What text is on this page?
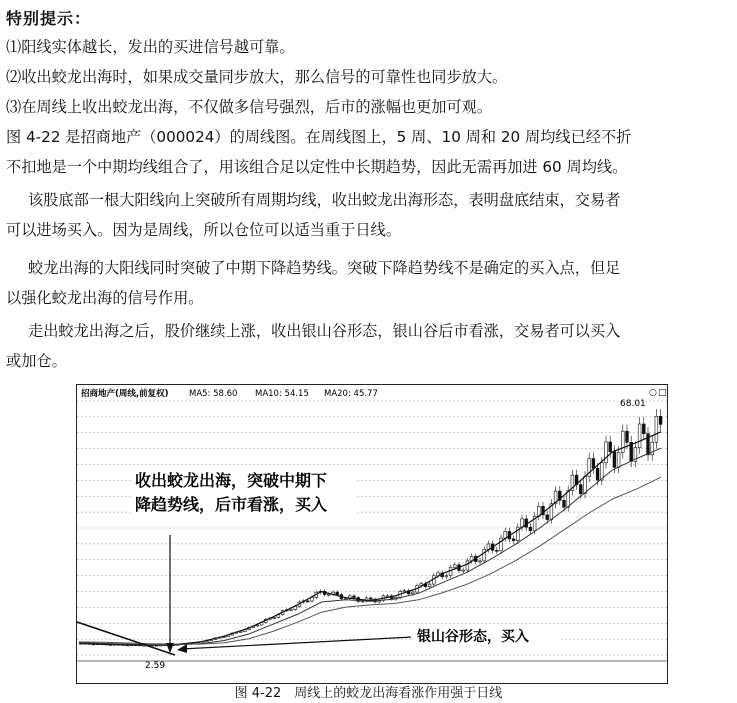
特别提示：

⑴阳线实体越长，发出的买进信号越可靠。

⑵收出蛟龙出海时，如果成交量同步放大，那么信号的可靠性也同步放大。

⑶在周线上收出蛟龙出海，不仅做多信号强烈，后市的涨幅也更加可观。

图 4-22 是招商地产（000024）的周线图。在周线图上，5 周、10 周和 20 周均线已经不折
不扣地是一个中期均线组合了，用该组合足以定性中长期趋势，因此无需再加进 60 周均线。

该股底部一根大阳线向上突破所有周期均线，收出蛟龙出海形态，表明盘底结束，交易者
可以进场买入。因为是周线，所以仓位可以适当重于日线。

蛟龙出海的大阳线同时突破了中期下降趋势线。突破下降趋势线不是确定的买入点，但足
以强化蛟龙出海的信号作用。

走出蛟龙出海之后，股价继续上涨，收出银山谷形态，银山谷后市看涨，交易者可以买入
或加仓。

招商地产(周线,前复权) MA5: 58.60 MA10: 54.15 MA20: 45.77	○ □
收出蛟龙出海，突破中期下
降趋势线，后市看涨，买入
银山谷形态，买入
68.01
2.59
图 4-22　周线上的蛟龙出海看涨作用强于日线
